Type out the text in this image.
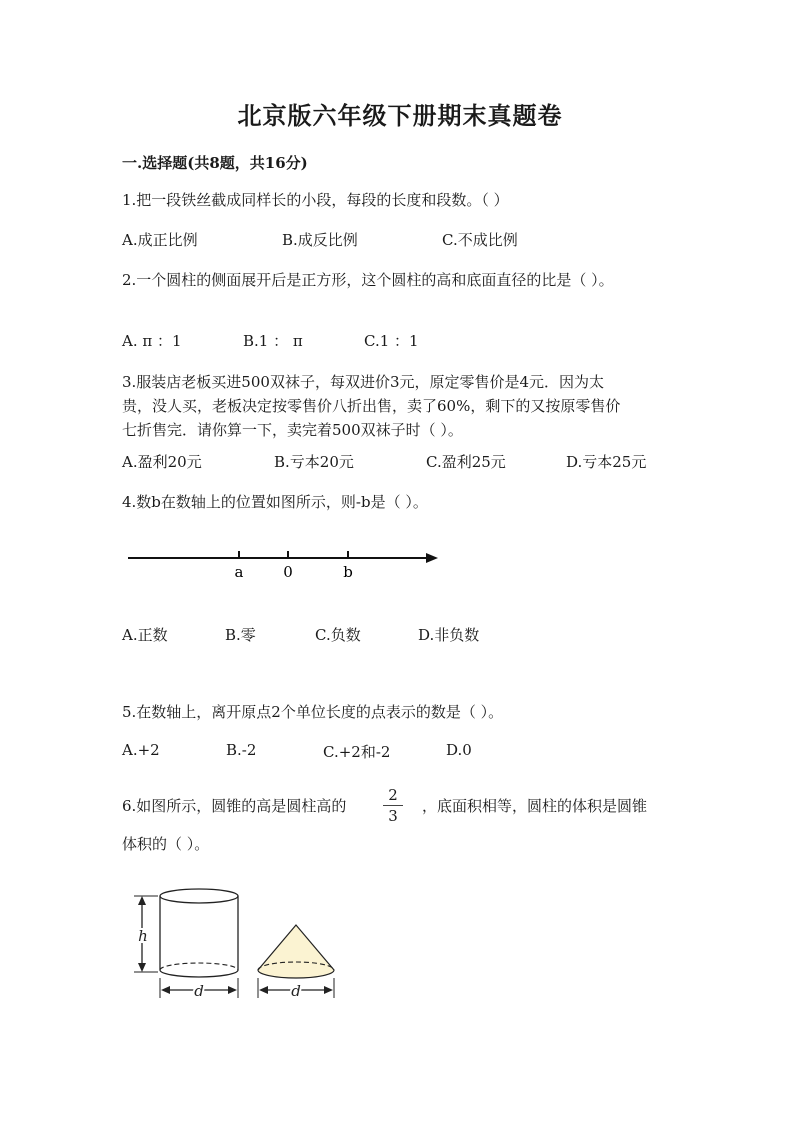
北京版六年级下册期末真题卷
一.选择题(共8题，共16分)
1.把一段铁丝截成同样长的小段，每段的长度和段数。（ ）
A.成正比例	B.成反比例	C.不成比例
2.一个圆柱的侧面展开后是正方形，这个圆柱的高和底面直径的比是（ ）。
A. π ：1	B.1 ： π	C.1 ：1
3.服装店老板买进500双袜子，每双进价3元，原定零售价是4元．因为太
贵，没人买，老板决定按零售价八折出售，卖了60%，剩下的又按原零售价
七折售完．请你算一下，卖完着500双袜子时（ ）。
A.盈利20元	B.亏本20元	C.盈利25元	D.亏本25元
4.数b在数轴上的位置如图所示，则-b是（ ）。
a	0	b
A.正数	B.零	C.负数	D.非负数
5.在数轴上，离开原点2个单位长度的点表示的数是（ ）。
A.+2	B.-2	C.+2和-2	D.0
6.如图所示，圆锥的高是圆柱高的
2
3
，底面积相等，圆柱的体积是圆锥
体积的（ ）。
h
d	d
